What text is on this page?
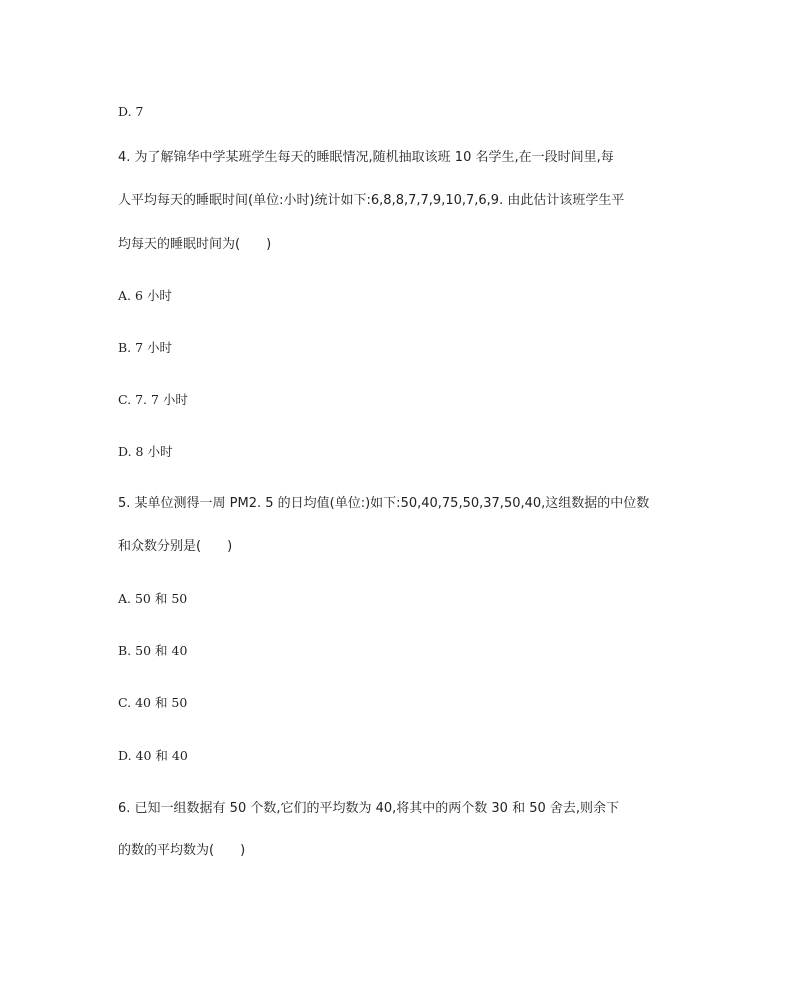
D. 7
4. 为了解锦华中学某班学生每天的睡眠情况,随机抽取该班 10 名学生,在一段时间里,每
人平均每天的睡眠时间(单位:小时)统计如下:6,8,8,7,7,9,10,7,6,9. 由此估计该班学生平
均每天的睡眠时间为(　　)
A. 6 小时
B. 7 小时
C. 7. 7 小时
D. 8 小时
5. 某单位测得一周 PM2. 5 的日均值(单位:)如下:50,40,75,50,37,50,40,这组数据的中位数
和众数分别是(　　)
A. 50 和 50
B. 50 和 40
C. 40 和 50
D. 40 和 40
6. 已知一组数据有 50 个数,它们的平均数为 40,将其中的两个数 30 和 50 舍去,则余下
的数的平均数为(　　)
